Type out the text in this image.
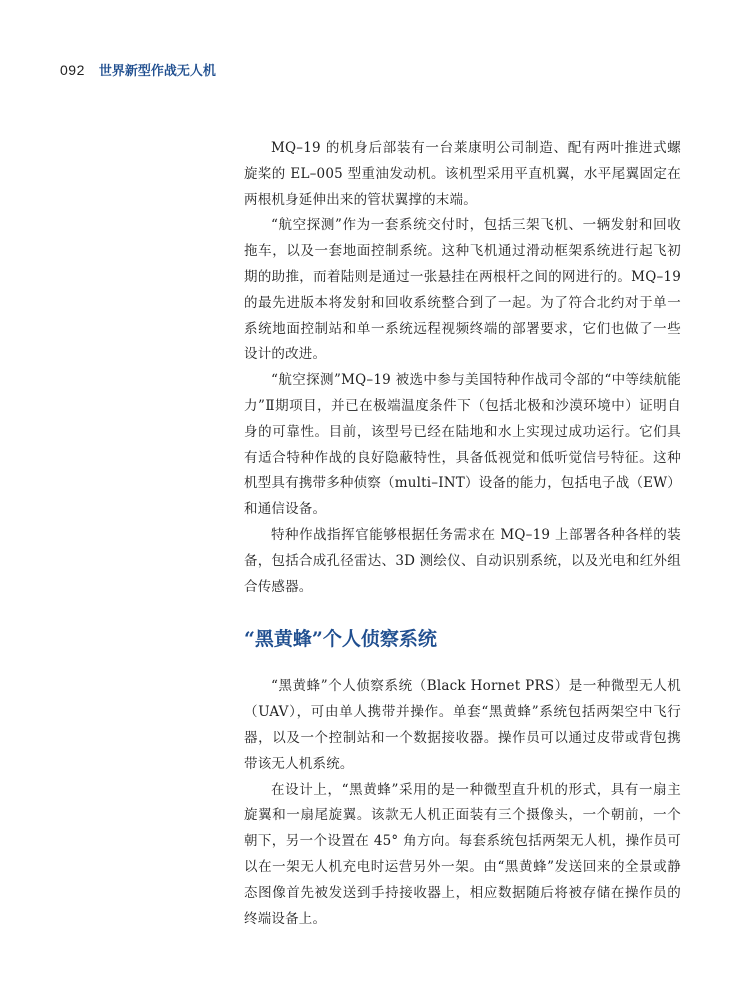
092 世界新型作战无人机

MQ–19 的机身后部装有一台莱康明公司制造、配有两叶推进式螺旋桨的 EL–005 型重油发动机。该机型采用平直机翼，水平尾翼固定在两根机身延伸出来的管状翼撑的末端。

“航空探测”作为一套系统交付时，包括三架飞机、一辆发射和回收拖车，以及一套地面控制系统。这种飞机通过滑动框架系统进行起飞初期的助推，而着陆则是通过一张悬挂在两根杆之间的网进行的。MQ–19 的最先进版本将发射和回收系统整合到了一起。为了符合北约对于单一系统地面控制站和单一系统远程视频终端的部署要求，它们也做了一些设计的改进。

“航空探测”MQ–19 被选中参与美国特种作战司令部的“中等续航能力”Ⅱ期项目，并已在极端温度条件下（包括北极和沙漠环境中）证明自身的可靠性。目前，该型号已经在陆地和水上实现过成功运行。它们具有适合特种作战的良好隐蔽特性，具备低视觉和低听觉信号特征。这种机型具有携带多种侦察（multi–INT）设备的能力，包括电子战（EW）和通信设备。

特种作战指挥官能够根据任务需求在 MQ–19 上部署各种各样的装备，包括合成孔径雷达、3D 测绘仪、自动识别系统，以及光电和红外组合传感器。

“黑黄蜂”个人侦察系统

“黑黄蜂”个人侦察系统（Black Hornet PRS）是一种微型无人机（UAV），可由单人携带并操作。单套“黑黄蜂”系统包括两架空中飞行器，以及一个控制站和一个数据接收器。操作员可以通过皮带或背包携带该无人机系统。

在设计上，“黑黄蜂”采用的是一种微型直升机的形式，具有一扇主旋翼和一扇尾旋翼。该款无人机正面装有三个摄像头，一个朝前，一个朝下，另一个设置在 45° 角方向。每套系统包括两架无人机，操作员可以在一架无人机充电时运营另外一架。由“黑黄蜂”发送回来的全景或静态图像首先被发送到手持接收器上，相应数据随后将被存储在操作员的终端设备上。
